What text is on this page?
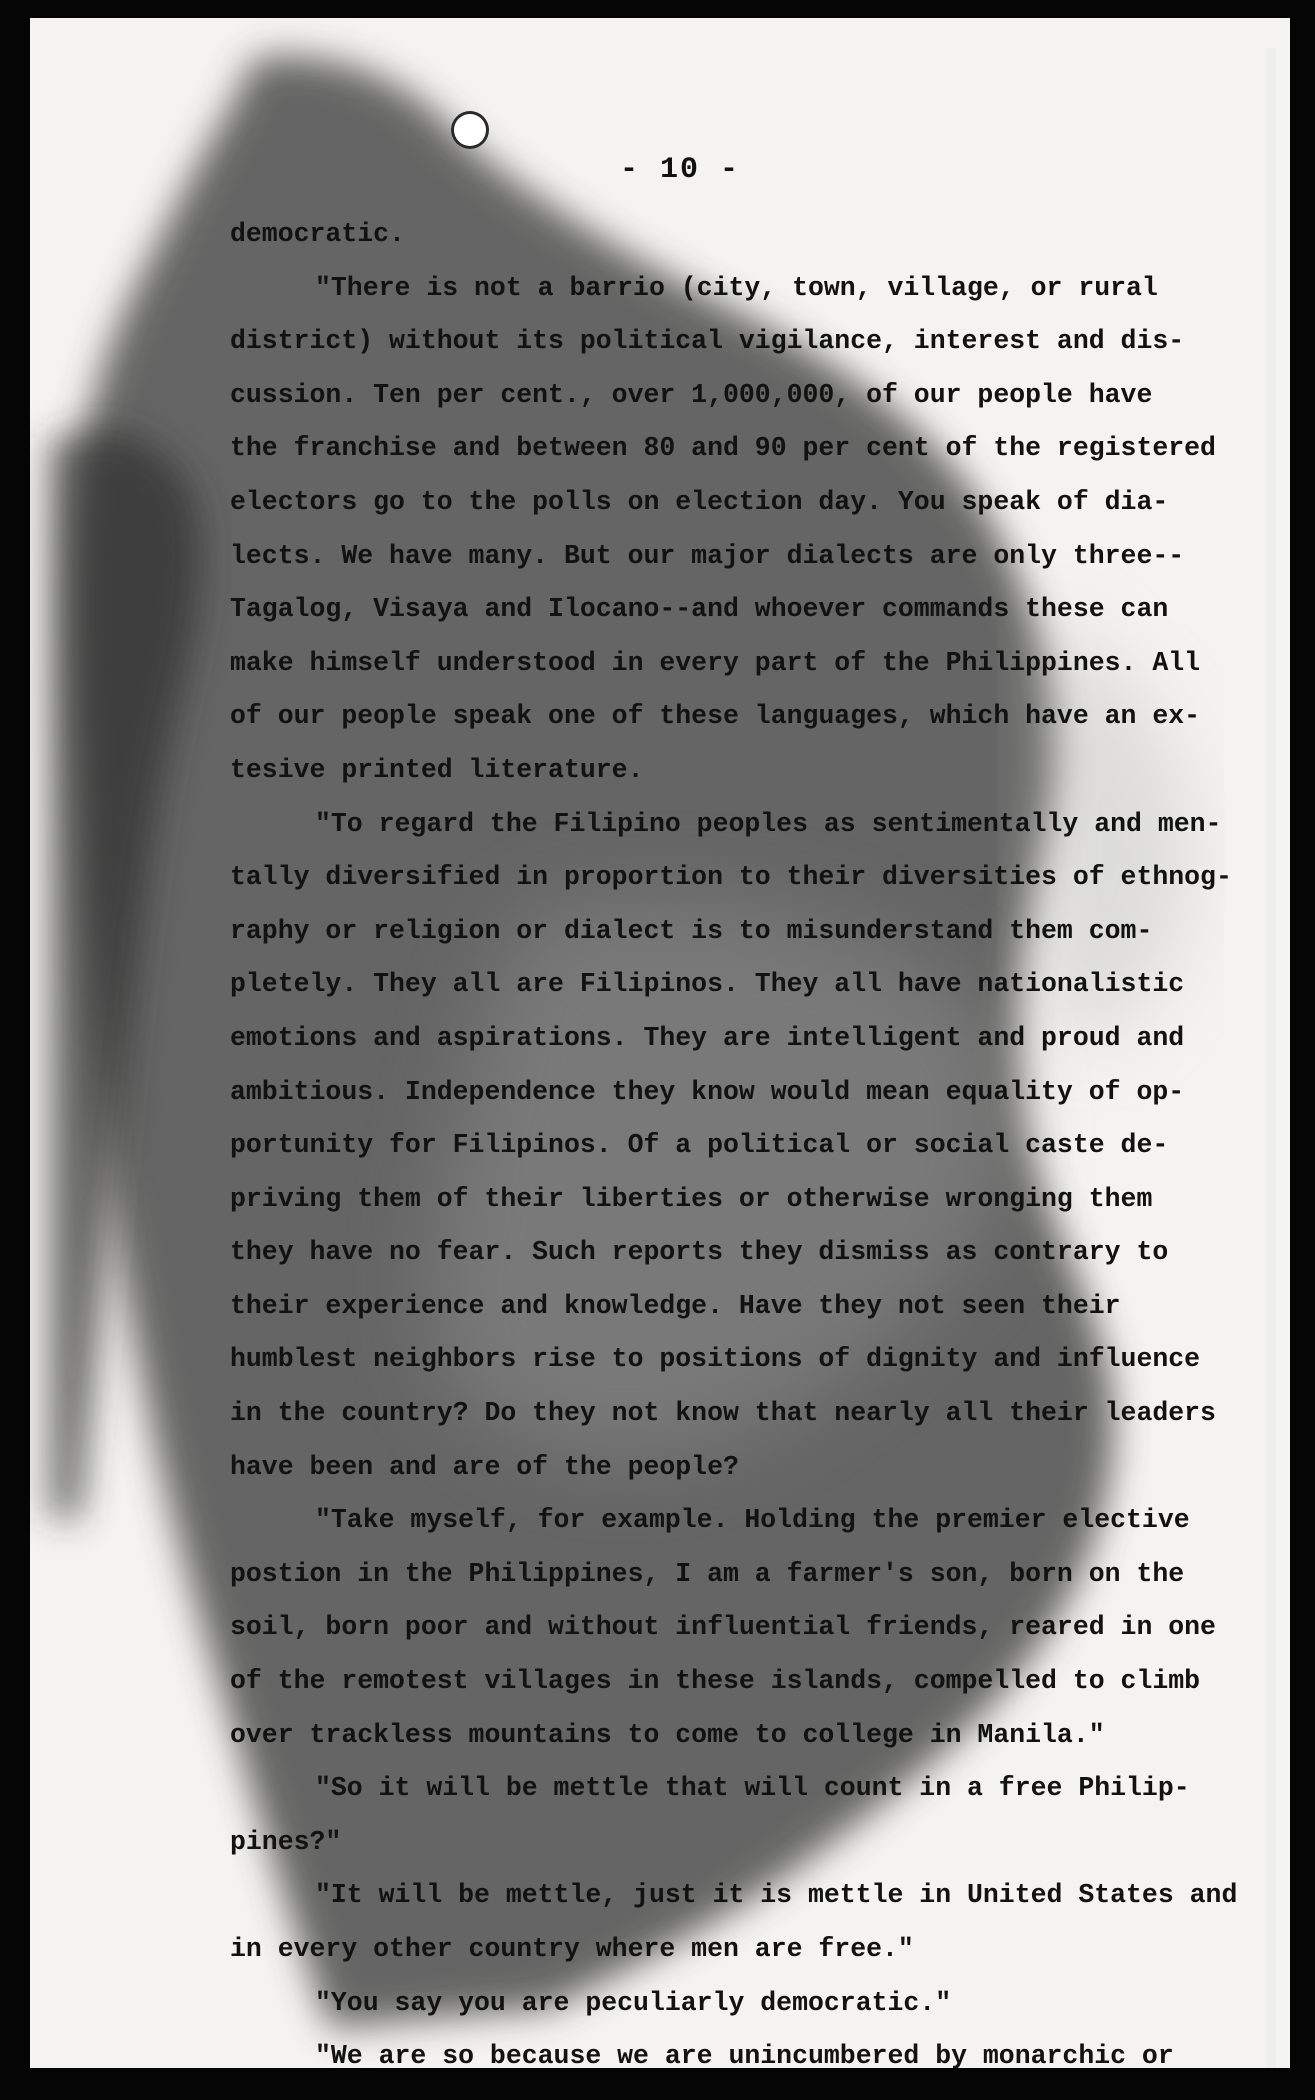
- 10 -

democratic.

"There is not a barrio (city, town, village, or rural
district) without its political vigilance, interest and dis-
cussion. Ten per cent., over 1,000,000, of our people have
the franchise and between 80 and 90 per cent of the registered
electors go to the polls on election day. You speak of dia-
lects. We have many. But our major dialects are only three--
Tagalog, Visaya and Ilocano--and whoever commands these can
make himself understood in every part of the Philippines. All
of our people speak one of these languages, which have an ex-
tesive printed literature.

"To regard the Filipino peoples as sentimentally and men-
tally diversified in proportion to their diversities of ethnog-
raphy or religion or dialect is to misunderstand them com-
pletely. They all are Filipinos. They all have nationalistic
emotions and aspirations. They are intelligent and proud and
ambitious. Independence they know would mean equality of op-
portunity for Filipinos. Of a political or social caste de-
priving them of their liberties or otherwise wronging them
they have no fear. Such reports they dismiss as contrary to
their experience and knowledge. Have they not seen their
humblest neighbors rise to positions of dignity and influence
in the country? Do they not know that nearly all their leaders
have been and are of the people?

"Take myself, for example. Holding the premier elective
postion in the Philippines, I am a farmer's son, born on the
soil, born poor and without influential friends, reared in one
of the remotest villages in these islands, compelled to climb
over trackless mountains to come to college in Manila."

"So it will be mettle that will count in a free Philip-
pines?"

"It will be mettle, just it is mettle in United States and
in every other country where men are free."

"You say you are peculiarly democratic."

"We are so because we are unincumbered by monarchic or
